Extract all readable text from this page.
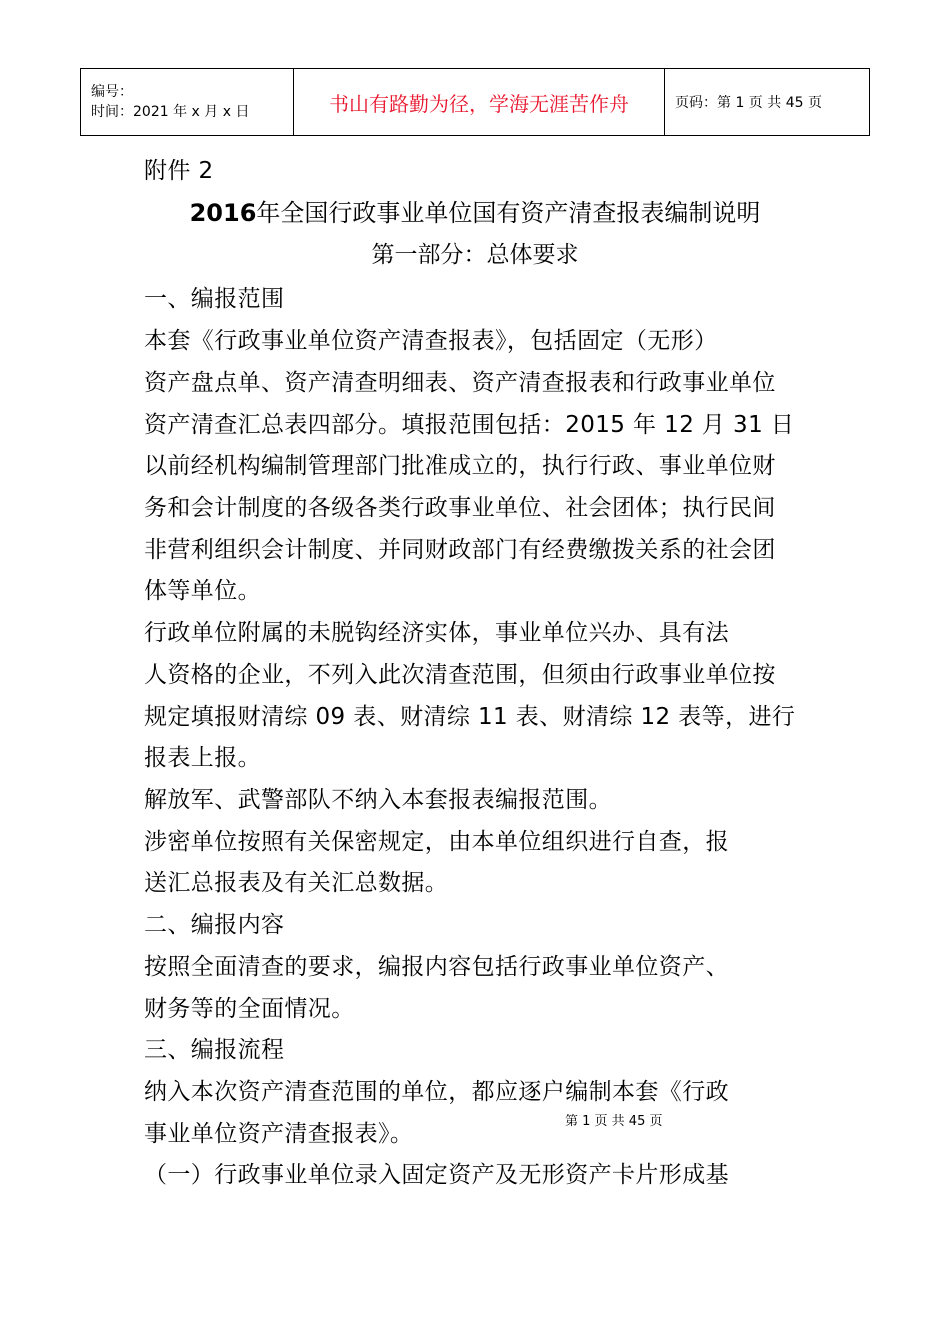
编号：
时间：2021 年 x 月 x 日	书山有路勤为径，学海无涯苦作舟	页码：第 1 页 共 45 页
附件 2
2016年全国行政事业单位国有资产清查报表编制说明
第一部分：总体要求
一、编报范围
本套《行政事业单位资产清查报表》，包括固定（无形）
资产盘点单、资产清查明细表、资产清查报表和行政事业单位
资产清查汇总表四部分。填报范围包括：2015 年 12 月 31 日
以前经机构编制管理部门批准成立的，执行行政、事业单位财
务和会计制度的各级各类行政事业单位、社会团体；执行民间
非营利组织会计制度、并同财政部门有经费缴拨关系的社会团
体等单位。
行政单位附属的未脱钩经济实体，事业单位兴办、具有法
人资格的企业，不列入此次清查范围，但须由行政事业单位按
规定填报财清综 09 表、财清综 11 表、财清综 12 表等，进行
报表上报。
解放军、武警部队不纳入本套报表编报范围。
涉密单位按照有关保密规定，由本单位组织进行自查，报
送汇总报表及有关汇总数据。
二、编报内容
按照全面清查的要求，编报内容包括行政事业单位资产、
财务等的全面情况。
三、编报流程
纳入本次资产清查范围的单位，都应逐户编制本套《行政
事业单位资产清查报表》。
（一）行政事业单位录入固定资产及无形资产卡片形成基
第 1 页 共 45 页
